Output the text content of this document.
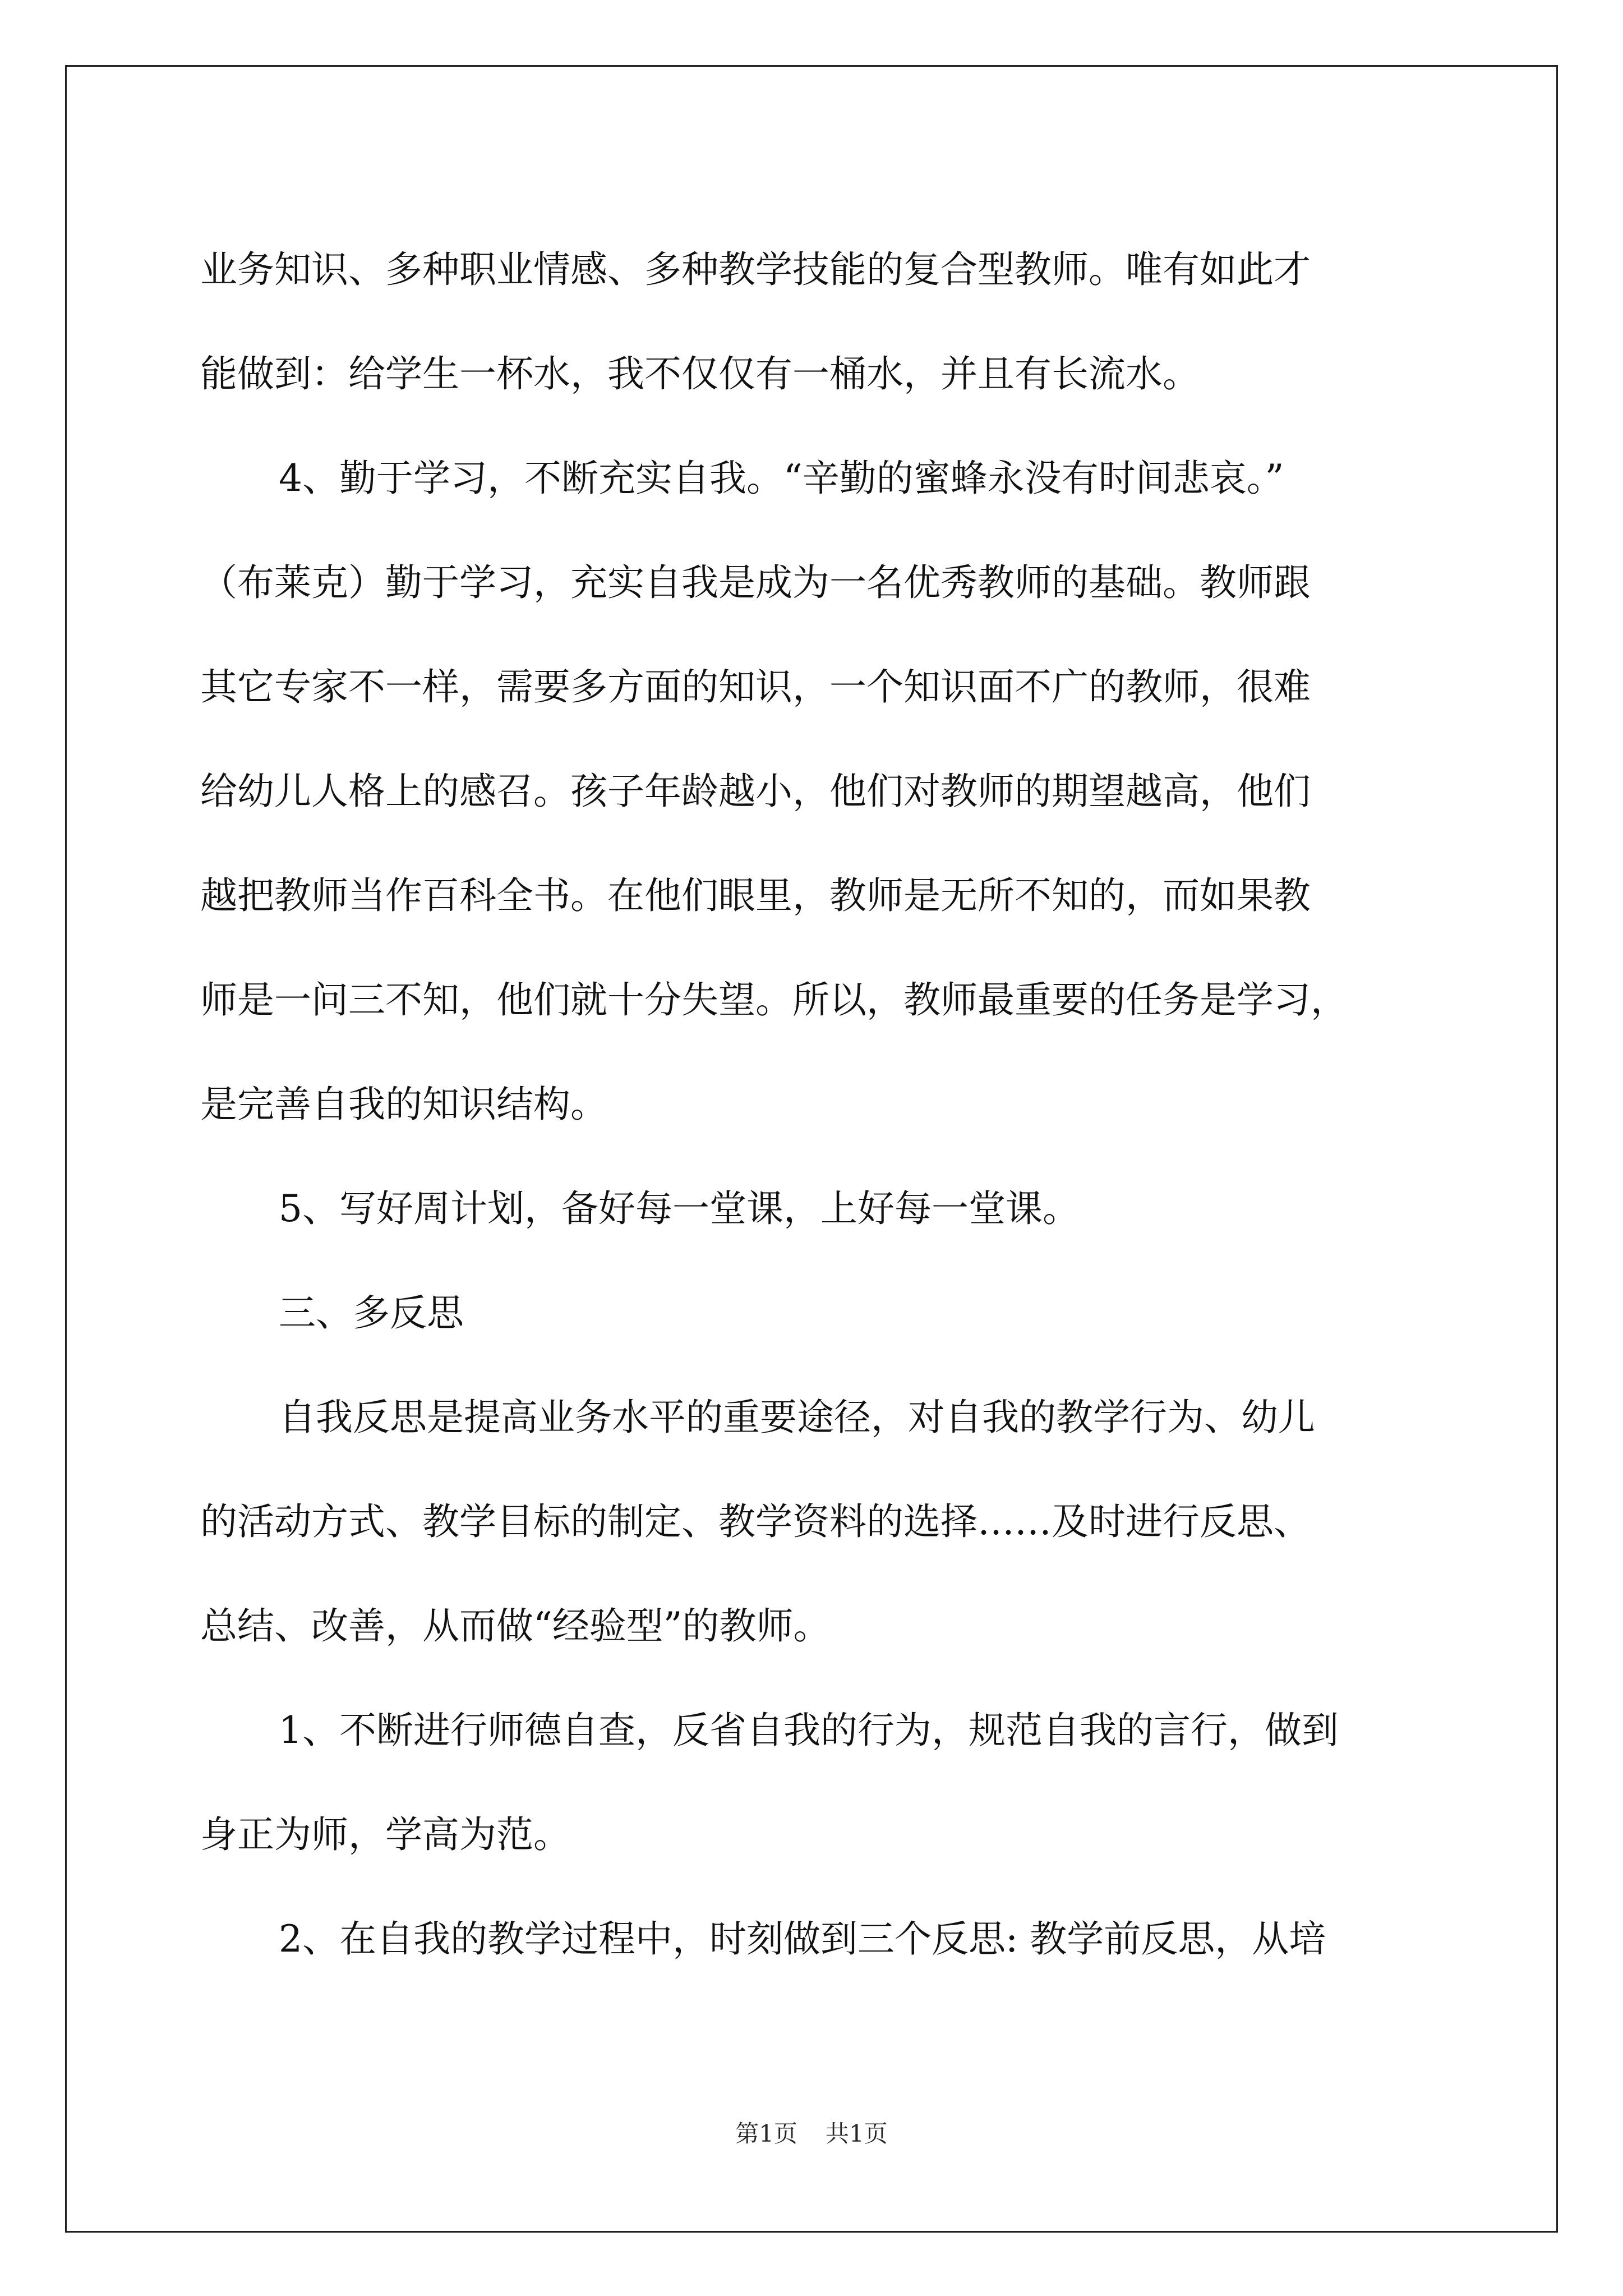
业务知识、多种职业情感、多种教学技能的复合型教师。唯有如此才
能做到：给学生一杯水，我不仅仅有一桶水，并且有长流水。

4、勤于学习，不断充实自我。“辛勤的蜜蜂永没有时间悲哀。”
（布莱克）勤于学习，充实自我是成为一名优秀教师的基础。教师跟
其它专家不一样，需要多方面的知识，一个知识面不广的教师，很难
给幼儿人格上的感召。孩子年龄越小，他们对教师的期望越高，他们
越把教师当作百科全书。在他们眼里，教师是无所不知的，而如果教
师是一问三不知，他们就十分失望。所以，教师最重要的任务是学习，
是完善自我的知识结构。

5、写好周计划，备好每一堂课，上好每一堂课。

三、多反思

自我反思是提高业务水平的重要途径，对自我的教学行为、幼儿
的活动方式、教学目标的制定、教学资料的选择……及时进行反思、
总结、改善，从而做“经验型”的教师。

1、不断进行师德自查，反省自我的行为，规范自我的言行，做到
身正为师，学高为范。

2、在自我的教学过程中，时刻做到三个反思: 教学前反思，从培

第1页 共1页
